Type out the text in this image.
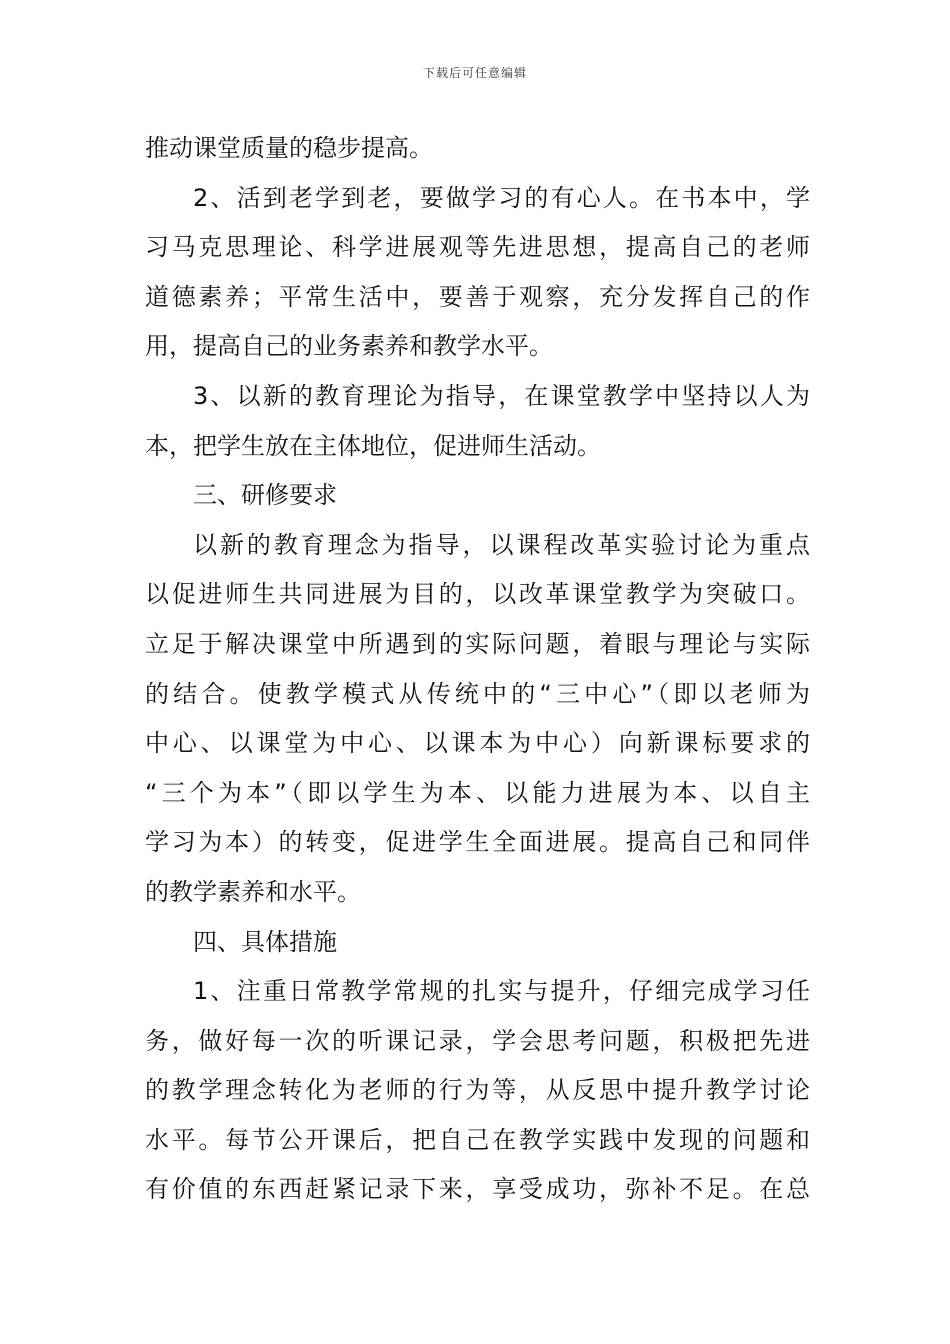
下载后可任意编辑
推动课堂质量的稳步提高。
2、活到老学到老，要做学习的有心人。在书本中，学
习马克思理论、科学进展观等先进思想，提高自己的老师
道德素养；平常生活中，要善于观察，充分发挥自己的作
用，提高自己的业务素养和教学水平。
3、以新的教育理论为指导，在课堂教学中坚持以人为
本，把学生放在主体地位，促进师生活动。
三、研修要求
以新的教育理念为指导，以课程改革实验讨论为重点
以促进师生共同进展为目的，以改革课堂教学为突破口。
立足于解决课堂中所遇到的实际问题，着眼与理论与实际
的结合。使教学模式从传统中的“三中心”（即以老师为
中心、以课堂为中心、以课本为中心）向新课标要求的
“三个为本”（即以学生为本、以能力进展为本、以自主
学习为本）的转变，促进学生全面进展。提高自己和同伴
的教学素养和水平。
四、具体措施
1、注重日常教学常规的扎实与提升，仔细完成学习任
务，做好每一次的听课记录，学会思考问题，积极把先进
的教学理念转化为老师的行为等，从反思中提升教学讨论
水平。每节公开课后，把自己在教学实践中发现的问题和
有价值的东西赶紧记录下来，享受成功，弥补不足。在总
